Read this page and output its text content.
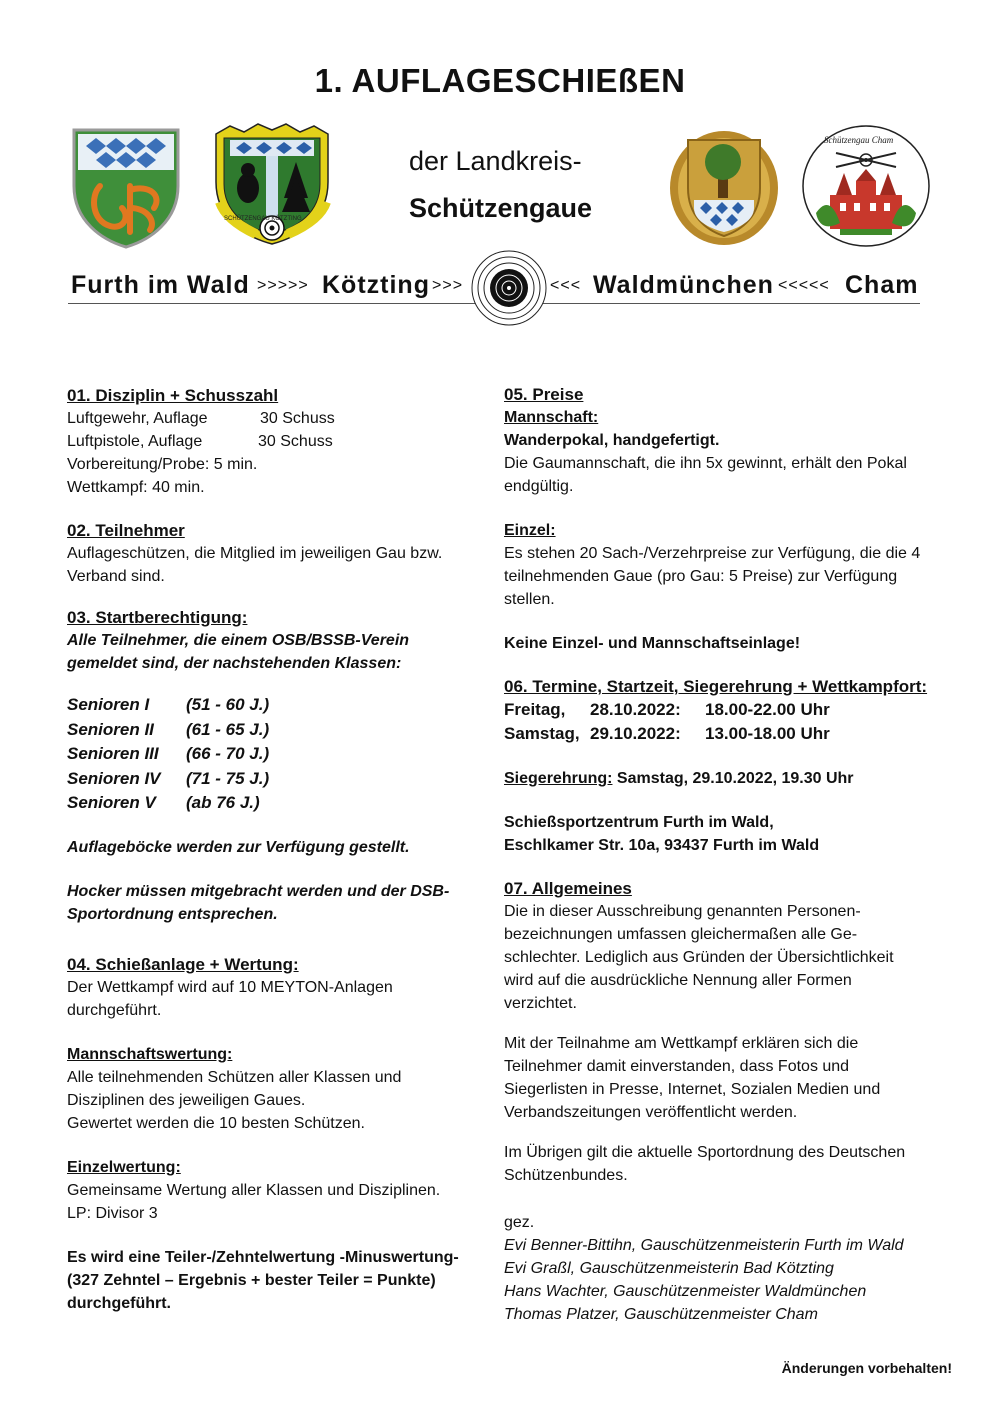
1. AUFLAGESCHIEßEN
SCHÜTZENGAU KÖTZTING
der Landkreis-
Schützengaue
Schützengau Cham
Furth im Wald >>>>> Kötzting >>>	<<< Waldmünchen <<<<< Cham
01. Disziplin + Schusszahl
Luftgewehr, Auflage	30 Schuss
Luftpistole, Auflage	30 Schuss
Vorbereitung/Probe: 5 min.
Wettkampf: 40 min.
02. Teilnehmer
Auflageschützen, die Mitglied im jeweiligen Gau bzw.
Verband sind.
03. Startberechtigung:
Alle Teilnehmer, die einem OSB/BSSB-Verein
gemeldet sind, der nachstehenden Klassen:
Senioren I (51 - 60 J.)
Senioren II (61 - 65 J.)
Senioren III (66 - 70 J.)
Senioren IV (71 - 75 J.)
Senioren V (ab 76 J.)
Auflageböcke werden zur Verfügung gestellt.
Hocker müssen mitgebracht werden und der DSB-
Sportordnung entsprechen.
04. Schießanlage + Wertung:
Der Wettkampf wird auf 10 MEYTON-Anlagen
durchgeführt.
Mannschaftswertung:
Alle teilnehmenden Schützen aller Klassen und
Disziplinen des jeweiligen Gaues.
Gewertet werden die 10 besten Schützen.
Einzelwertung:
Gemeinsame Wertung aller Klassen und Disziplinen.
LP: Divisor 3
Es wird eine Teiler-/Zehntelwertung -Minuswertung-
(327 Zehntel – Ergebnis + bester Teiler = Punkte)
durchgeführt.
05. Preise
Mannschaft:
Wanderpokal, handgefertigt.
Die Gaumannschaft, die ihn 5x gewinnt, erhält den Pokal
endgültig.
Einzel:
Es stehen 20 Sach-/Verzehrpreise zur Verfügung, die die 4
teilnehmenden Gaue (pro Gau: 5 Preise) zur Verfügung
stellen.
Keine Einzel- und Mannschaftseinlage!
06. Termine, Startzeit, Siegerehrung + Wettkampfort:
Freitag, 28.10.2022: 18.00-22.00 Uhr
Samstag, 29.10.2022: 13.00-18.00 Uhr
Siegerehrung: Samstag, 29.10.2022, 19.30 Uhr
Schießsportzentrum Furth im Wald,
Eschlkamer Str. 10a, 93437 Furth im Wald
07. Allgemeines
Die in dieser Ausschreibung genannten Personen-
bezeichnungen umfassen gleichermaßen alle Ge-
schlechter. Lediglich aus Gründen der Übersichtlichkeit
wird auf die ausdrückliche Nennung aller Formen
verzichtet.
Mit der Teilnahme am Wettkampf erklären sich die
Teilnehmer damit einverstanden, dass Fotos und
Siegerlisten in Presse, Internet, Sozialen Medien und
Verbandszeitungen veröffentlicht werden.
Im Übrigen gilt die aktuelle Sportordnung des Deutschen
Schützenbundes.
gez.
Evi Benner-Bittihn, Gauschützenmeisterin Furth im Wald
Evi Graßl, Gauschützenmeisterin Bad Kötzting
Hans Wachter, Gauschützenmeister Waldmünchen
Thomas Platzer, Gauschützenmeister Cham
Änderungen vorbehalten!
